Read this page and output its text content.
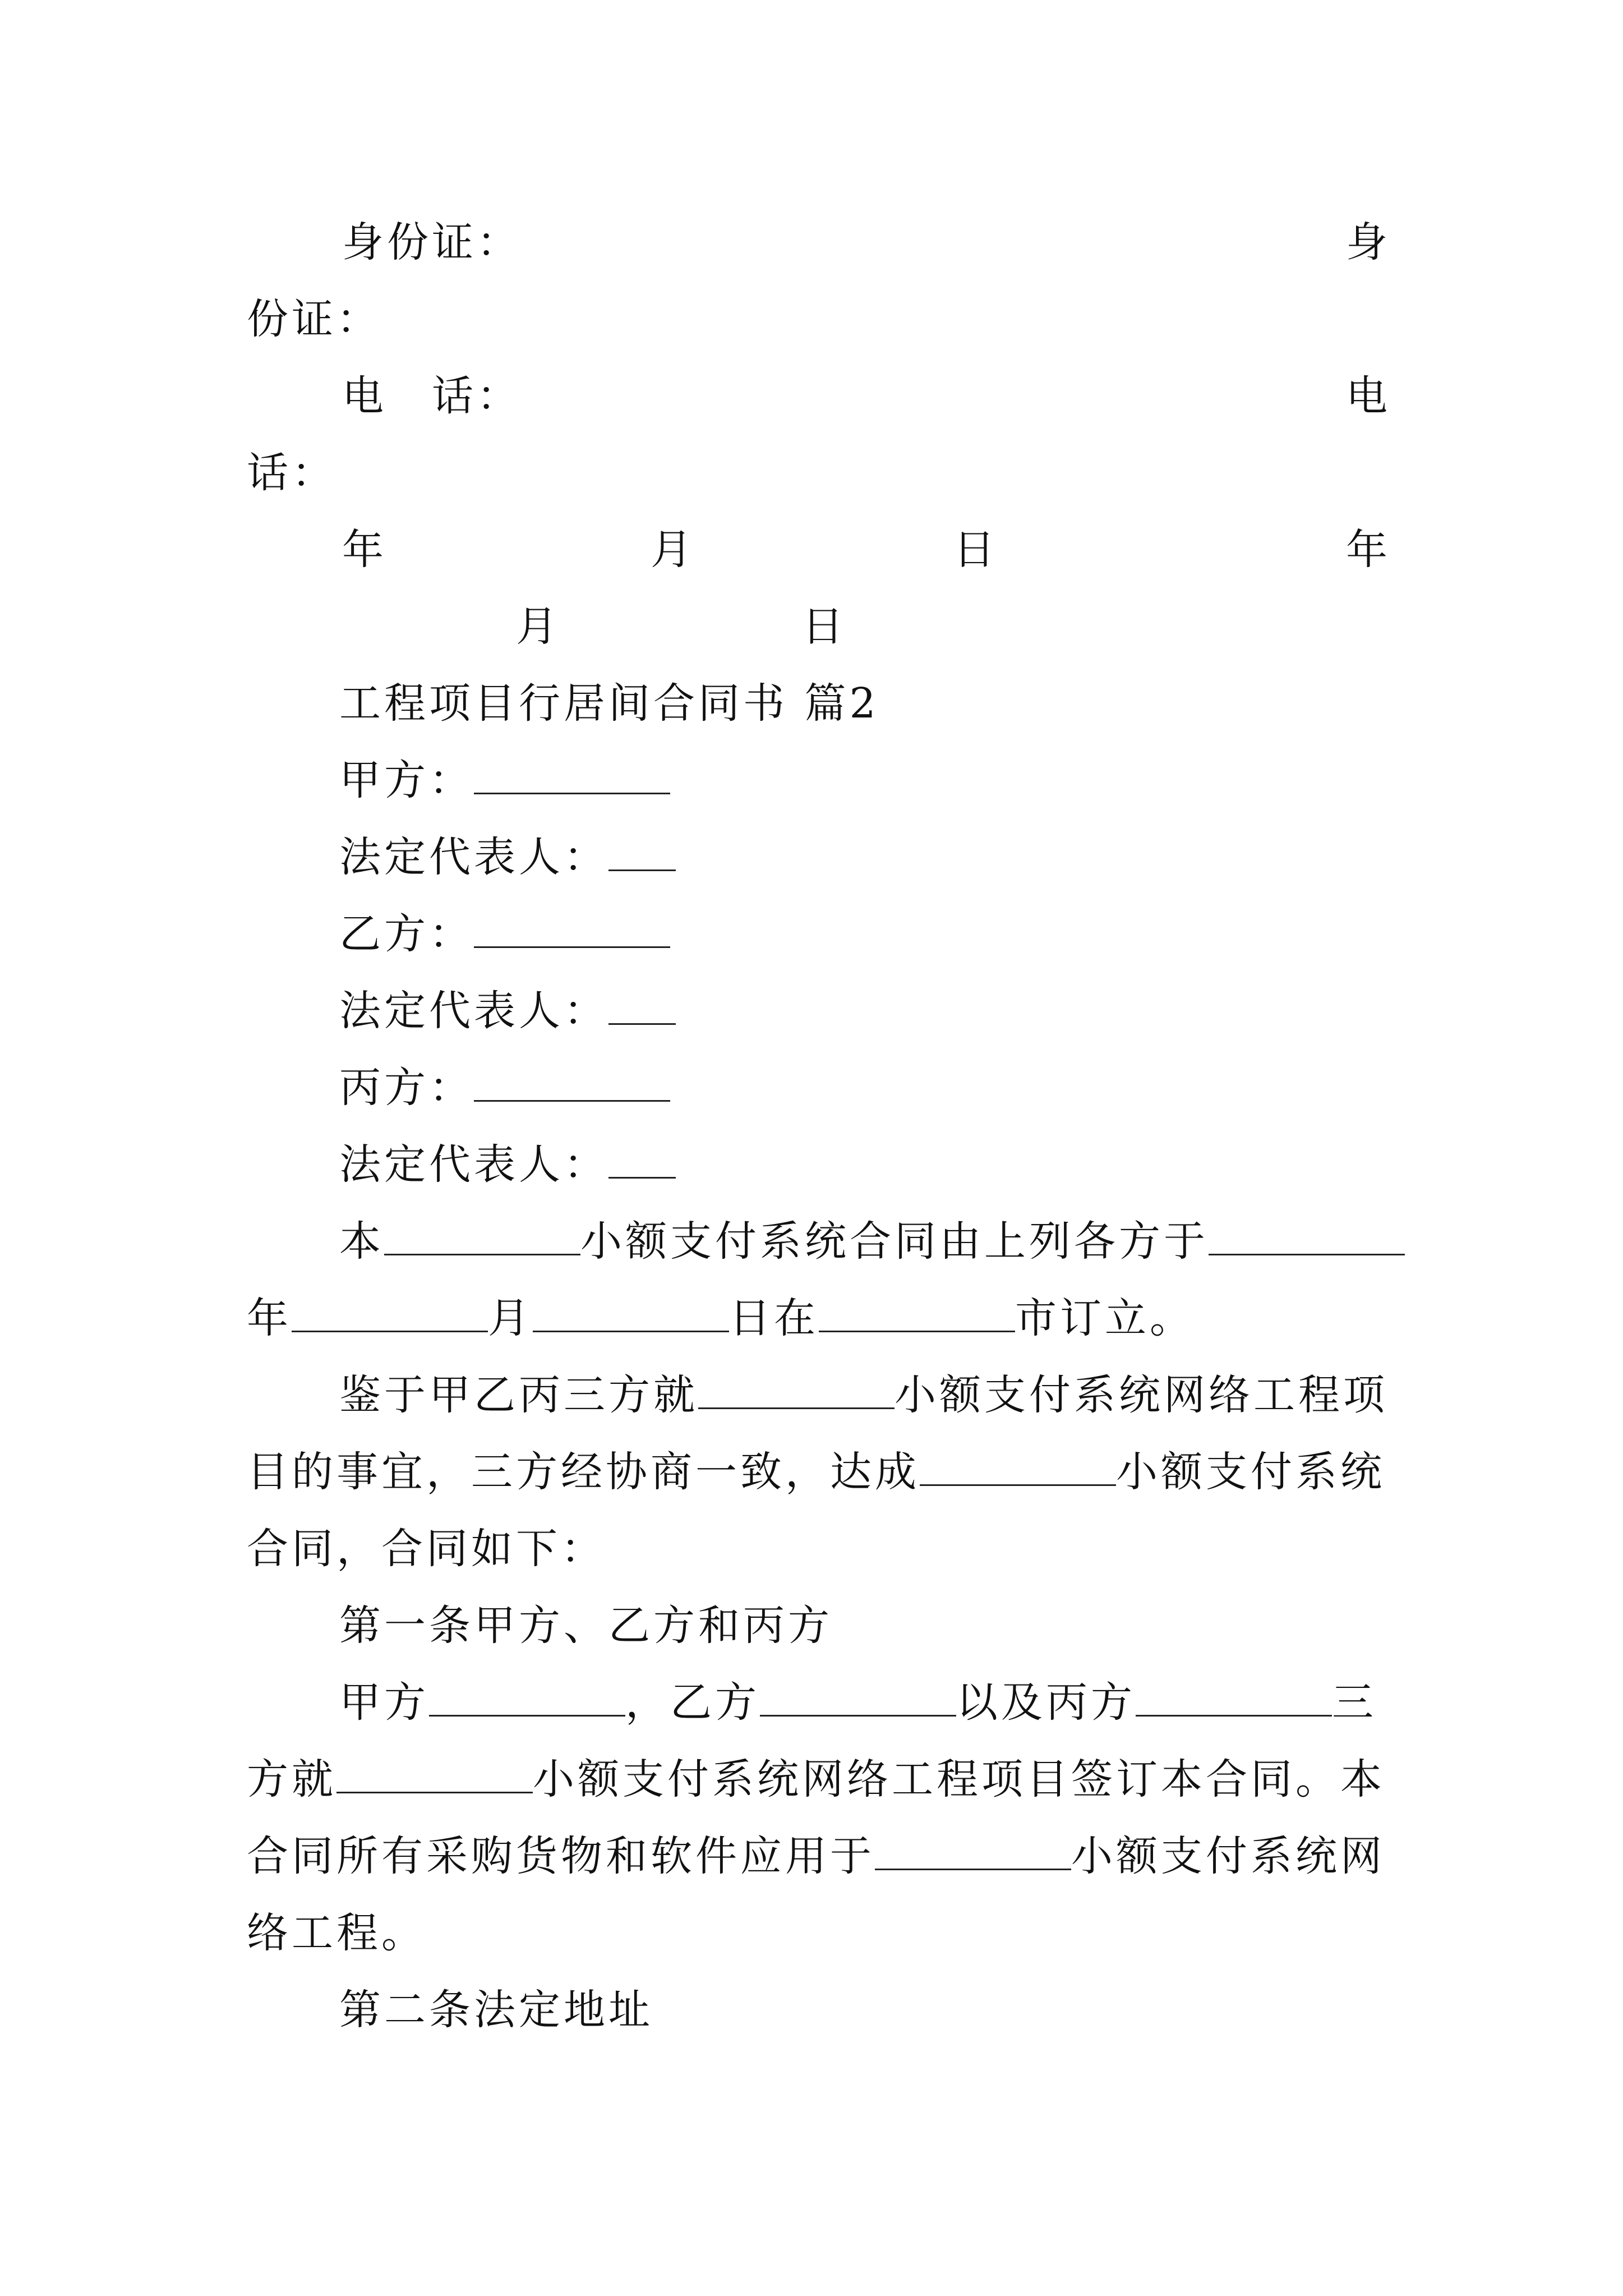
身份证：	身
份证：
电　话：	电
话：
年	月	日	年
月	日
工程项目行居间合同书 篇2
甲方：
法定代表人：
乙方：
法定代表人：
丙方：
法定代表人：
本	小额支付系统合同由上列各方于
年	月	日在	市订立。
鉴于甲乙丙三方就	小额支付系统网络工程项
目的事宜，三方经协商一致，达成	小额支付系统
合同，合同如下：
第一条甲方、乙方和丙方
甲方	，乙方	以及丙方	三
方就	小额支付系统网络工程项目签订本合同。本
合同所有采购货物和软件应用于	小额支付系统网
络工程。
第二条法定地址
